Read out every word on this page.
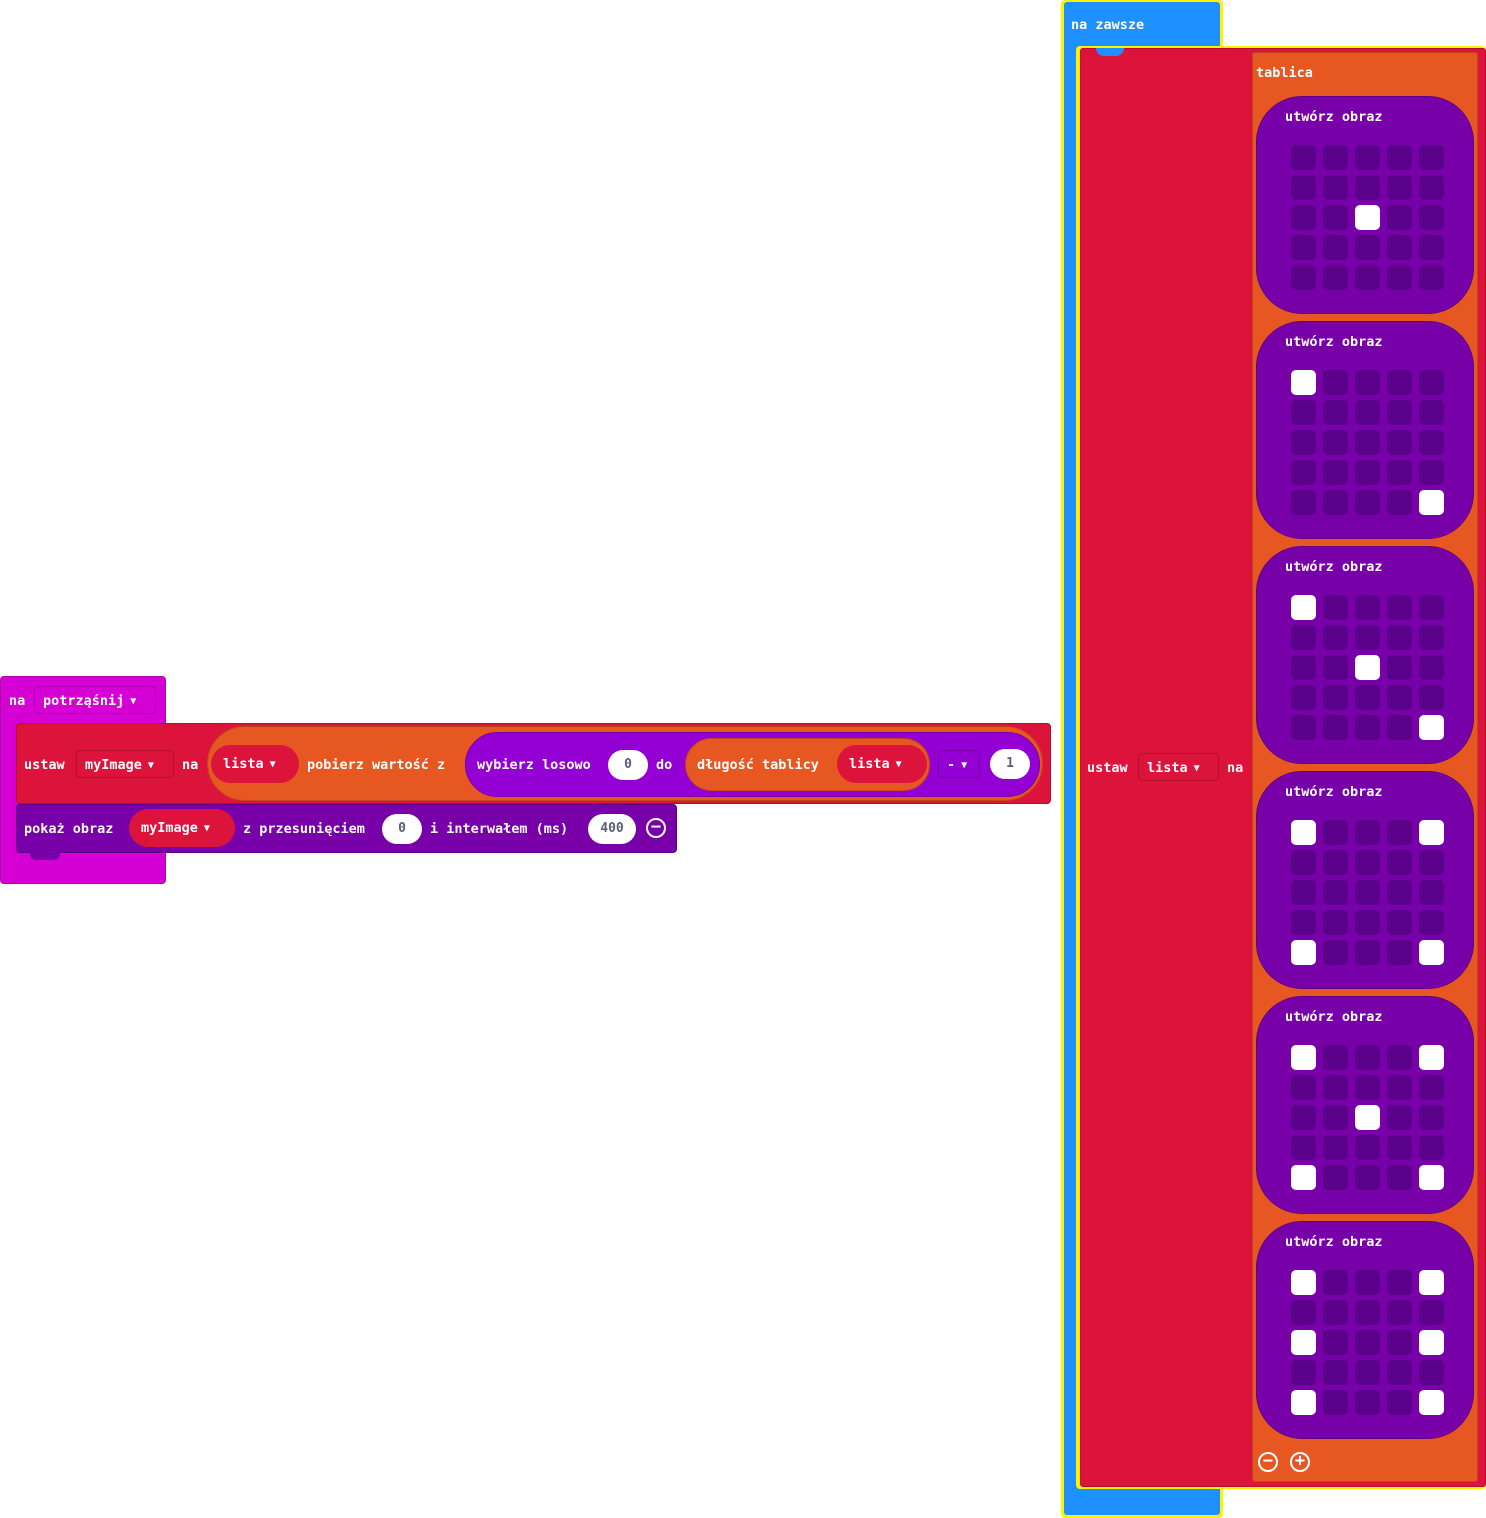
na	potrząśnij ▼
ustaw	myImage ▼	na	lista ▼	pobierz wartość z wybierz losowo	0	do długość tablicy	lista ▼	- ▼	1
pokaż obraz	myImage ▼	z przesunięciem	0	i interwałem (ms)	400	−
na zawsze
ustaw	lista ▼	na
tablica
utwórz obraz
utwórz obraz
utwórz obraz
utwórz obraz
utwórz obraz
utwórz obraz
− +
